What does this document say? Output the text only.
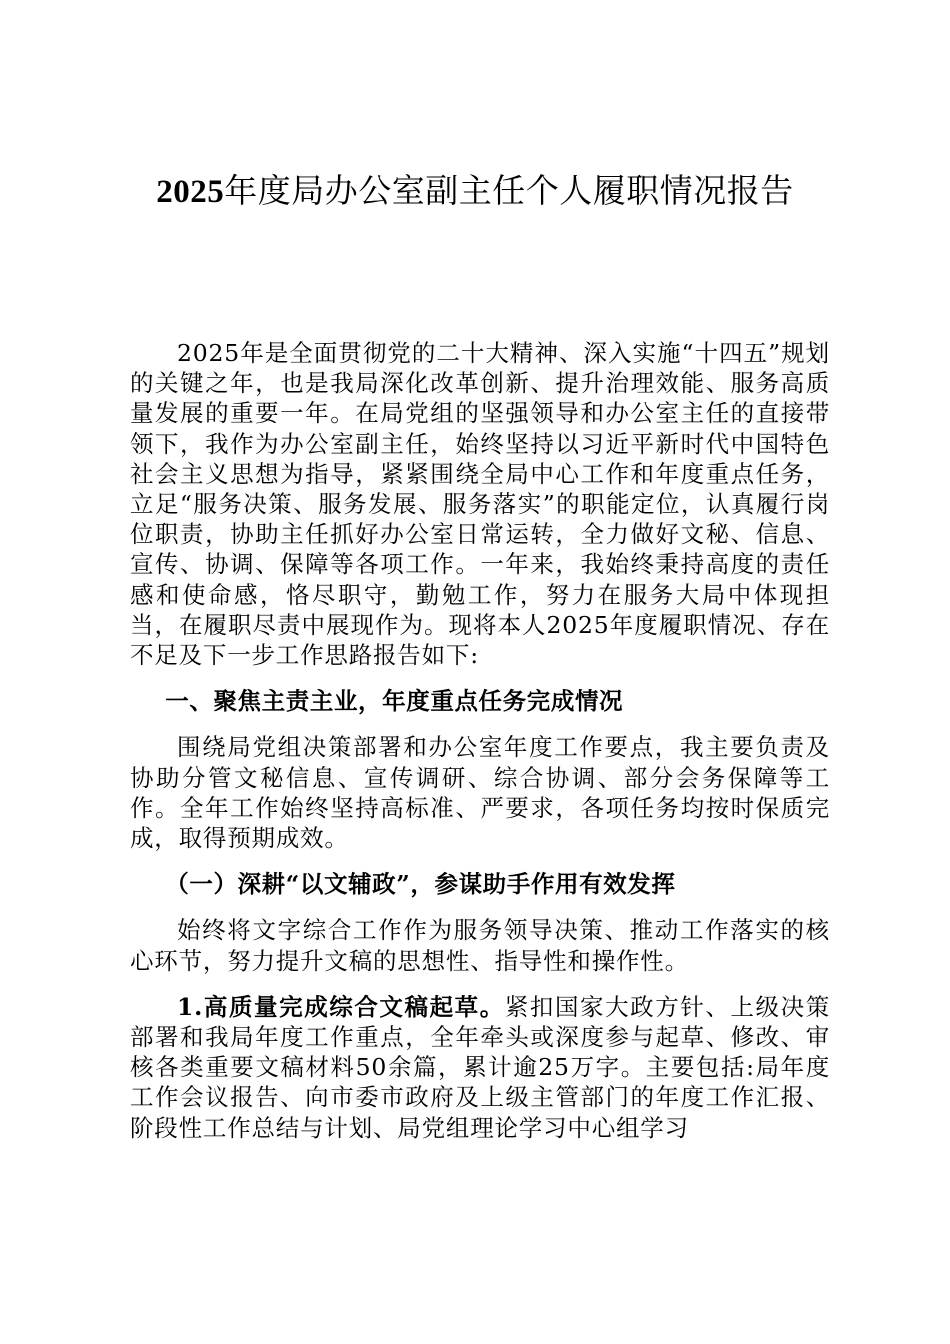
2025年度局办公室副主任个人履职情况报告

2025年是全面贯彻党的二十大精神、深入实施“十四五”规划的关键之年，也是我局深化改革创新、提升治理效能、服务高质量发展的重要一年。在局党组的坚强领导和办公室主任的直接带领下，我作为办公室副主任，始终坚持以习近平新时代中国特色社会主义思想为指导，紧紧围绕全局中心工作和年度重点任务，立足“服务决策、服务发展、服务落实”的职能定位，认真履行岗位职责，协助主任抓好办公室日常运转，全力做好文秘、信息、宣传、协调、保障等各项工作。一年来，我始终秉持高度的责任感和使命感，恪尽职守，勤勉工作，努力在服务大局中体现担当，在履职尽责中展现作为。现将本人2025年度履职情况、存在不足及下一步工作思路报告如下:

一、聚焦主责主业，年度重点任务完成情况

围绕局党组决策部署和办公室年度工作要点，我主要负责及协助分管文秘信息、宣传调研、综合协调、部分会务保障等工作。全年工作始终坚持高标准、严要求，各项任务均按时保质完成，取得预期成效。

（一）深耕“以文辅政”，参谋助手作用有效发挥

始终将文字综合工作作为服务领导决策、推动工作落实的核心环节，努力提升文稿的思想性、指导性和操作性。

1.高质量完成综合文稿起草。紧扣国家大政方针、上级决策部署和我局年度工作重点，全年牵头或深度参与起草、修改、审核各类重要文稿材料50余篇，累计逾25万字。主要包括:局年度工作会议报告、向市委市政府及上级主管部门的年度工作汇报、阶段性工作总结与计划、局党组理论学习中心组学习
